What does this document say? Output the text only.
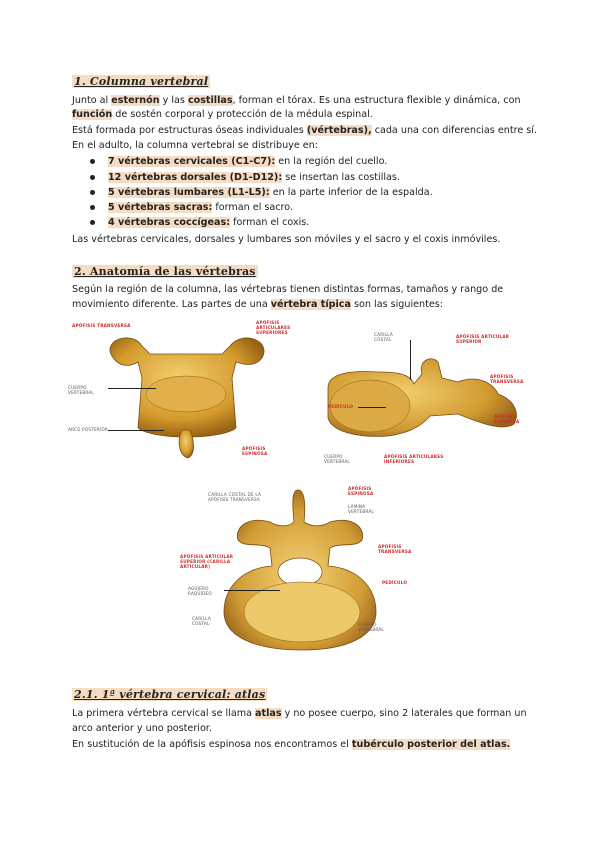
1. Columna vertebral
Junto al esternón y las costillas, forman el tórax. Es una estructura flexible y dinámica, con
función de sostén corporal y protección de la médula espinal.
Está formada por estructuras óseas individuales (vértebras), cada una con diferencias entre sí.
En el adulto, la columna vertebral se distribuye en:
7 vértebras cervicales (C1-C7): en la región del cuello.
12 vértebras dorsales (D1-D12): se insertan las costillas.
5 vértebras lumbares (L1-L5): en la parte inferior de la espalda.
5 vértebras sacras: forman el sacro.
4 vértebras coccígeas: forman el coxis.
Las vértebras cervicales, dorsales y lumbares son móviles y el sacro y el coxis inmóviles.
2. Anatomía de las vértebras
Según la región de la columna, las vértebras tienen distintas formas, tamaños y rango de
movimiento diferente. Las partes de una vértebra típica son las siguientes:
APÓFISIS TRANSVERSA
APÓFISIS ARTICULARES SUPERIORES
CUERPO VERTEBRAL
ARCO POSTERIOR
APÓFISIS ESPINOSA
CARILLA COSTAL
APÓFISIS ARTICULAR SUPERIOR
APÓFISIS TRANSVERSA
PEDÍCULO
APÓFISIS ESPINOSA
CUERPO VERTEBRAL
APÓFISIS ARTICULARES INFERIORES
CARILLA COSTAL DE LA APÓFISIS TRANSVERSA
APÓFISIS ESPINOSA
LÁMINA VERTEBRAL
APÓFISIS TRANSVERSA
APÓFISIS ARTICULAR SUPERIOR (CARILLA ARTICULAR)
PEDÍCULO
AGUJERO RAQUÍDEO
CARILLA COSTAL	CUERPO VERTEBRAL
2.1. 1ª vértebra cervical: atlas
La primera vértebra cervical se llama atlas y no posee cuerpo, sino 2 laterales que forman un
arco anterior y uno posterior.
En sustitución de la apófisis espinosa nos encontramos el tubérculo posterior del atlas.
